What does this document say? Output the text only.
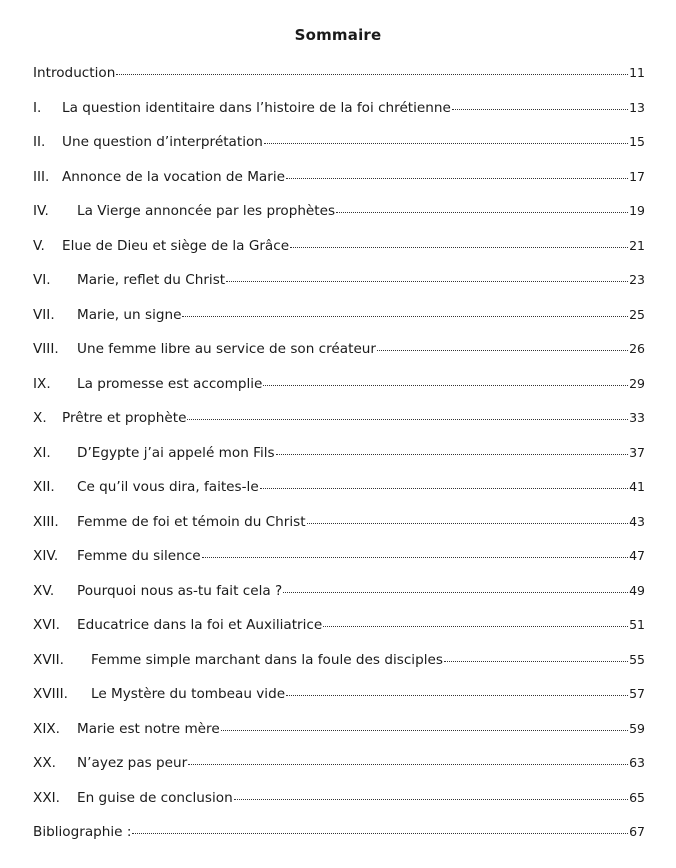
Sommaire
Introduction	11
I.	La question identitaire dans l’histoire de la foi chrétienne	13
II.	Une question d’interprétation	15
III. Annonce de la vocation de Marie	17
IV.	La Vierge annoncée par les prophètes	19
V.	Elue de Dieu et siège de la Grâce	21
VI.	Marie, reflet du Christ	23
VII.	Marie, un signe	25
VIII.	Une femme libre au service de son créateur	26
IX.	La promesse est accomplie	29
X.	Prêtre et prophète	33
XI.	D’Egypte j’ai appelé mon Fils	37
XII.	Ce qu’il vous dira, faites-le	41
XIII.	Femme de foi et témoin du Christ	43
XIV.	Femme du silence	47
XV.	Pourquoi nous as-tu fait cela ?	49
XVI.	Educatrice dans la foi et Auxiliatrice	51
XVII.	Femme simple marchant dans la foule des disciples	55
XVIII.	Le Mystère du tombeau vide	57
XIX.	Marie est notre mère	59
XX.	N’ayez pas peur	63
XXI.	En guise de conclusion	65
Bibliographie :	67
